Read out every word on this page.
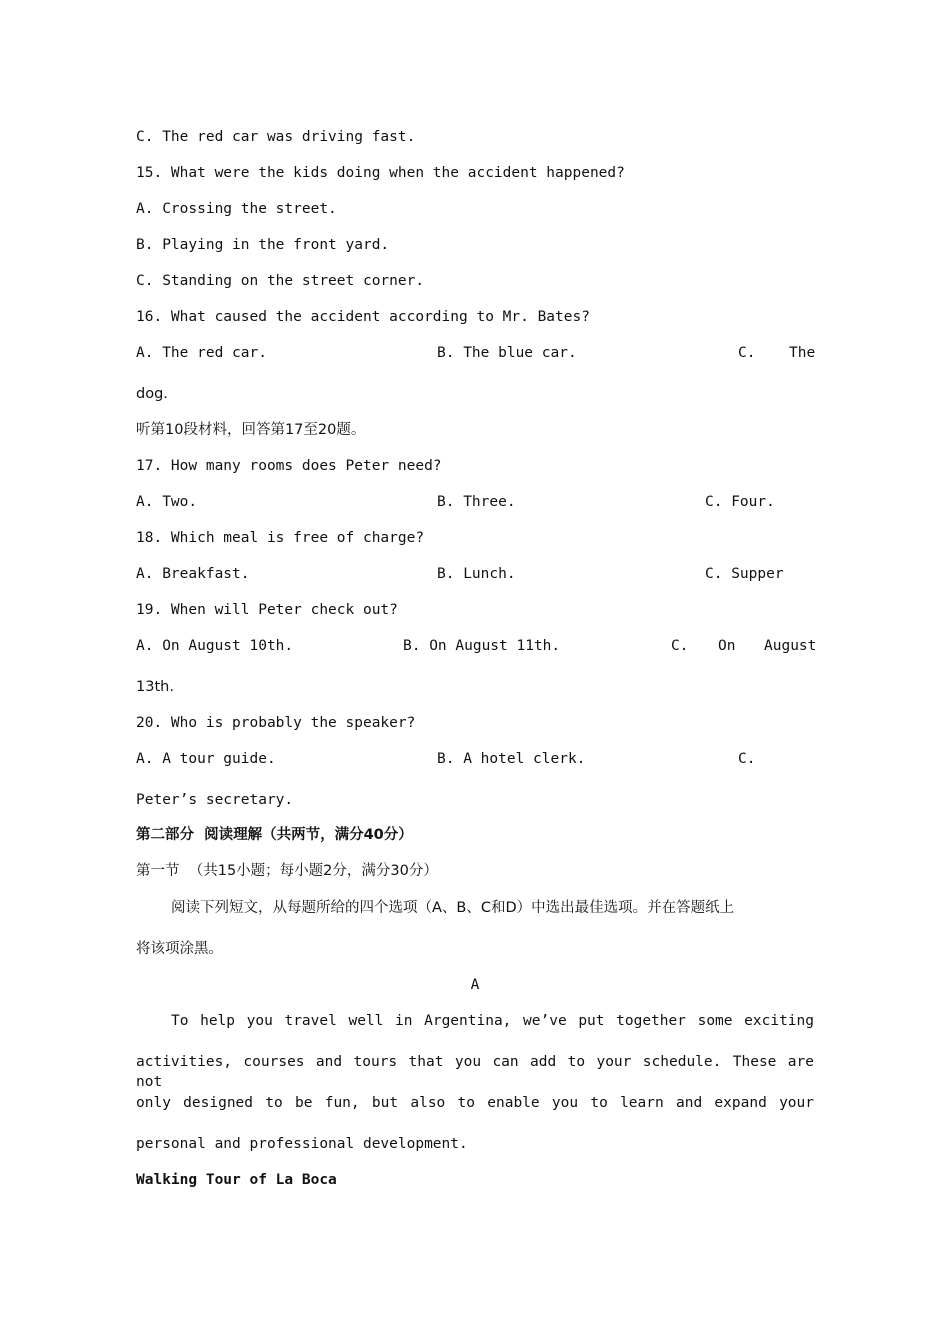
C. The red car was driving fast.
15. What were the kids doing when the accident happened?
A. Crossing the street.
B. Playing in the front yard.
C. Standing on the street corner.
16. What caused the accident according to Mr. Bates?
A. The red car.	B. The blue car.	C. The
dog.
听第10段材料，回答第17至20题。
17. How many rooms does Peter need?
A. Two.	B. Three.	C. Four.
18. Which meal is free of charge?
A. Breakfast.	B. Lunch.	C. Supper
19. When will Peter check out?
A. On August 10th.	B. On August 11th.	C. On August
13th.
20. Who is probably the speaker?
A. A tour guide.	B. A hotel clerk.	C.
Peter’s secretary.
第二部分  阅读理解（共两节，满分40分）
第一节  （共15小题；每小题2分，满分30分）
阅读下列短文，从每题所给的四个选项（A、B、C和D）中选出最佳选项。并在答题纸上
将该项涂黑。
A
To help you travel well in Argentina, we’ve put together some exciting
activities, courses and tours that you can add to your schedule. These are not
only designed to be fun, but also to enable you to learn and expand your
personal and professional development.
Walking Tour of La Boca
